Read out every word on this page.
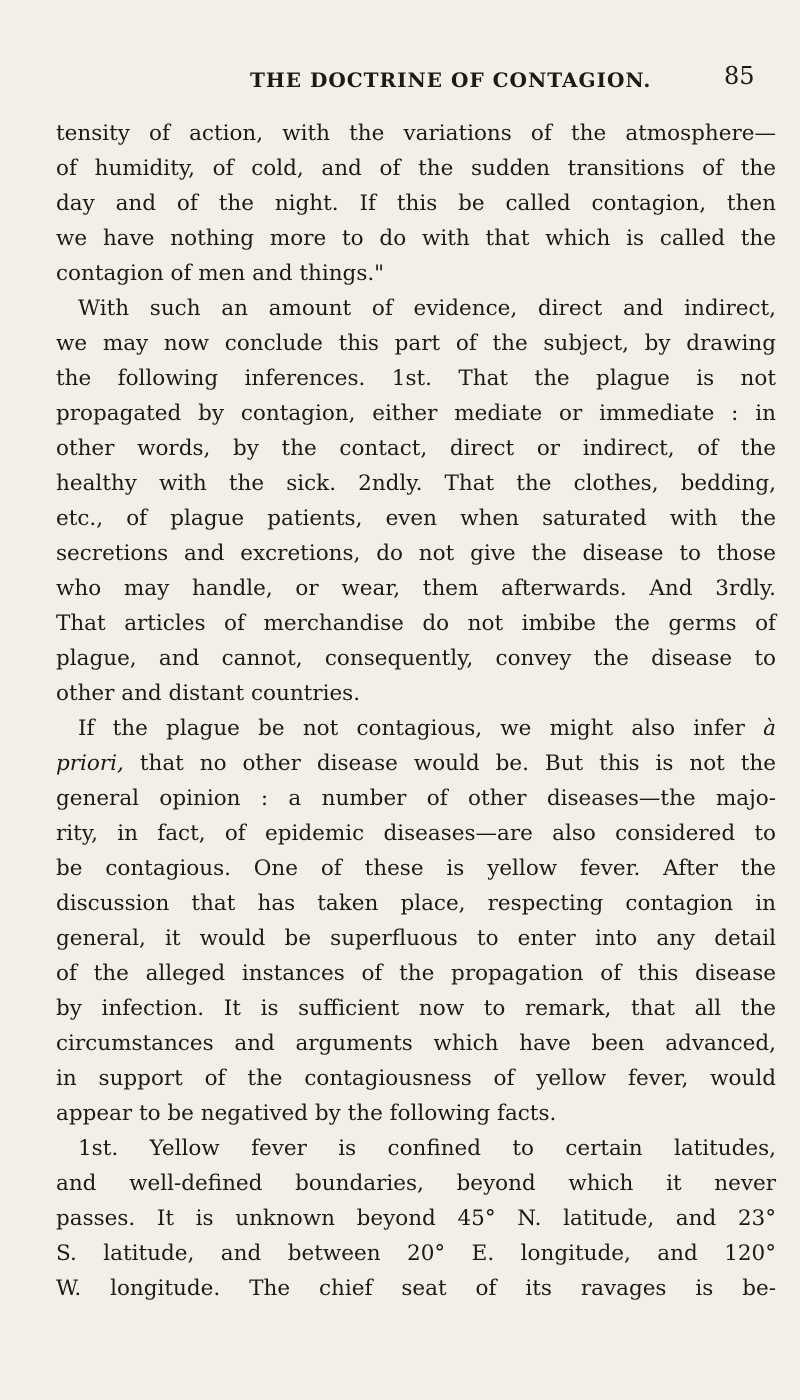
THE DOCTRINE OF CONTAGION.	85
tensity of action, with the variations of the atmosphere—
of humidity, of cold, and of the sudden transitions of the
day and of the night. If this be called contagion, then
we have nothing more to do with that which is called the
contagion of men and things."
With such an amount of evidence, direct and indirect,
we may now conclude this part of the subject, by drawing
the following inferences. 1st. That the plague is not
propagated by contagion, either mediate or immediate : in
other words, by the contact, direct or indirect, of the
healthy with the sick. 2ndly. That the clothes, bedding,
etc., of plague patients, even when saturated with the
secretions and excretions, do not give the disease to those
who may handle, or wear, them afterwards. And 3rdly.
That articles of merchandise do not imbibe the germs of
plague, and cannot, consequently, convey the disease to
other and distant countries.
If the plague be not contagious, we might also infer à
priori, that no other disease would be. But this is not the
general opinion : a number of other diseases—the majo-
rity, in fact, of epidemic diseases—are also considered to
be contagious. One of these is yellow fever. After the
discussion that has taken place, respecting contagion in
general, it would be superfluous to enter into any detail
of the alleged instances of the propagation of this disease
by infection. It is sufficient now to remark, that all the
circumstances and arguments which have been advanced,
in support of the contagiousness of yellow fever, would
appear to be negatived by the following facts.
1st. Yellow fever is confined to certain latitudes,
and well-defined boundaries, beyond which it never
passes. It is unknown beyond 45° N. latitude, and 23°
S. latitude, and between 20° E. longitude, and 120°
W. longitude. The chief seat of its ravages is be-
